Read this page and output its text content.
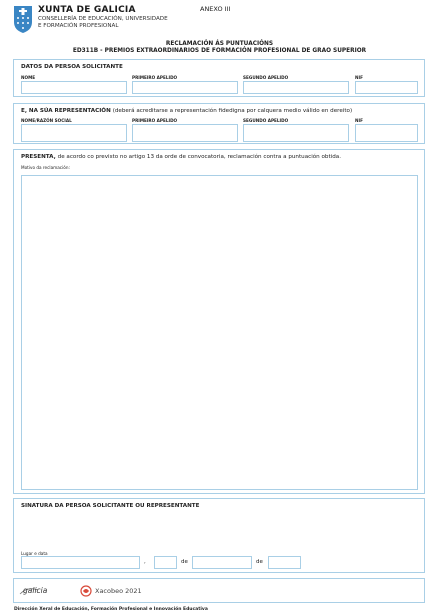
XUNTA DE GALICIA
CONSELLERÍA DE EDUCACIÓN, UNIVERSIDADE
E FORMACIÓN PROFESIONAL
ANEXO III
RECLAMACIÓN ÁS PUNTUACIÓNS
ED311B - PREMIOS EXTRAORDINARIOS DE FORMACIÓN PROFESIONAL DE GRAO SUPERIOR
DATOS DA PERSOA SOLICITANTE
NOME	PRIMEIRO APELIDO	SEGUNDO APELIDO	NIF
E, NA SÚA REPRESENTACIÓN (deberá acreditarse a representación fidedigna por calquera medio válido en dereito)
NOME/RAZÓN SOCIAL	PRIMEIRO APELIDO	SEGUNDO APELIDO	NIF
PRESENTA, de acordo co previsto no artigo 13 da orde de convocatoria, reclamación contra a puntuación obtida.
Motivo da reclamación:
SINATURA DA PERSOA SOLICITANTE OU REPRESENTANTE
Lugar e data
,	de	de
galicia	Xacobeo 2021
Dirección Xeral de Educación, Formación Profesional e Innovación Educativa
